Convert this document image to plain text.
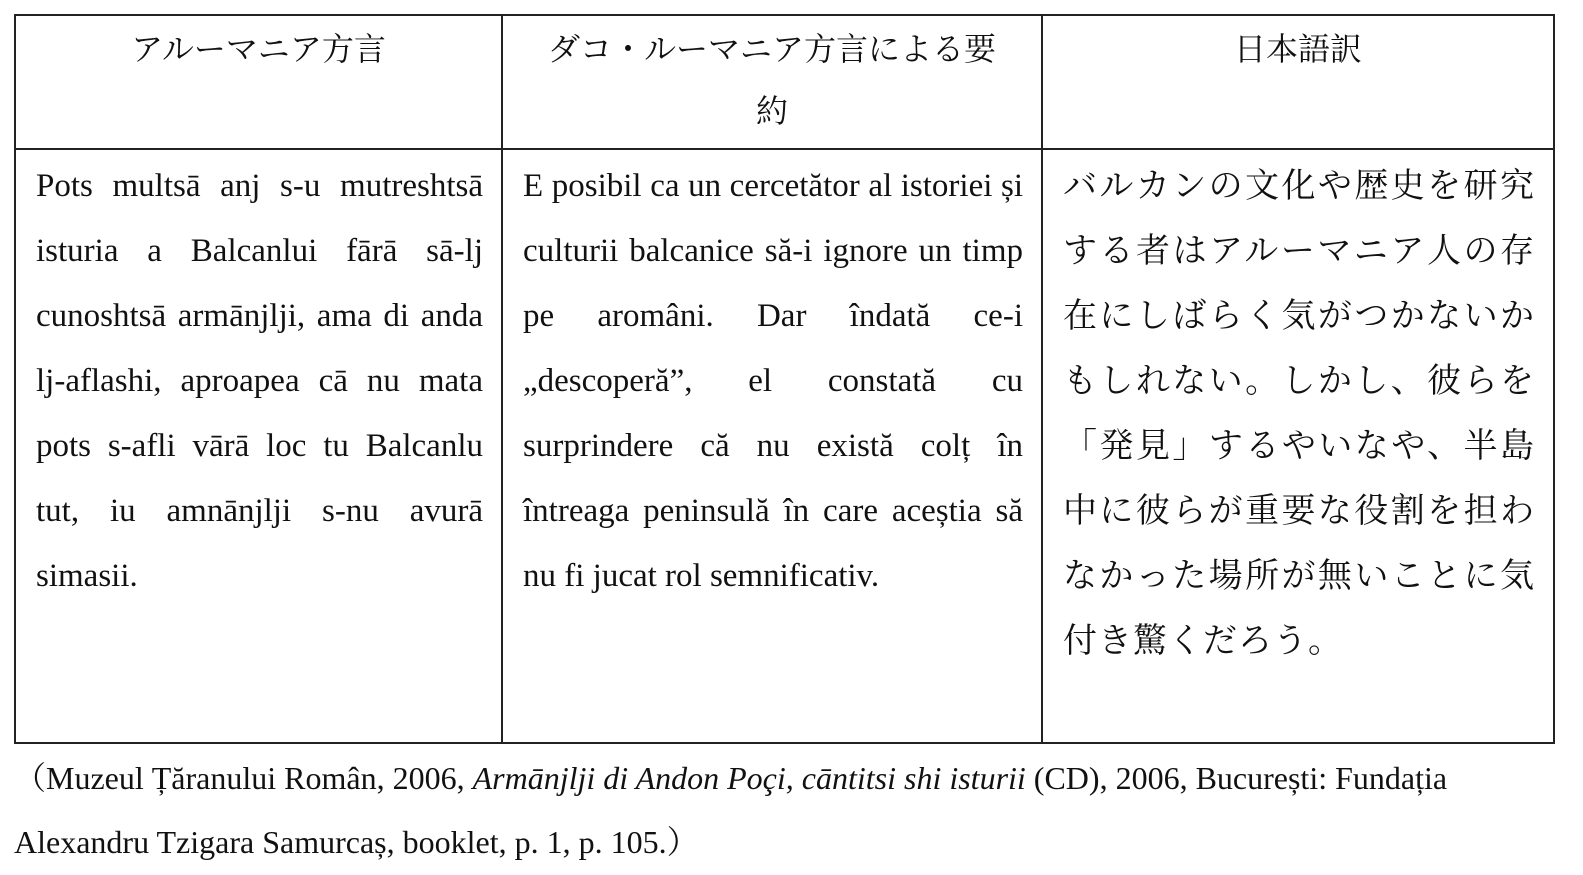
アルーマニア方言	ダコ・ルーマニア方言による要約	日本語訳

Pots multsā anj s-u mutreshtsā isturia a Balcanlui fārā sā-lj cunoshtsā armānjlji, ama di anda lj-aflashi, aproapea cā nu mata pots s-afli vārā loc tu Balcanlu tut, iu amnānjlji s-nu avurā simasii.	E posibil ca un cercetător al istoriei și culturii balcanice să-i ignore un timp pe aromâni. Dar îndată ce-i „descoperă”, el constată cu surprindere că nu există colț în întreaga peninsulă în care aceștia să nu fi jucat rol semnificativ.	バルカンの文化や歴史を研究する者はアルーマニア人の存在にしばらく気がつかないかもしれない。しかし、彼らを「発見」するやいなや、半島中に彼らが重要な役割を担わなかった場所が無いことに気付き驚くだろう。
（Muzeul Țăranului Român, 2006, Armānjlji di Andon Poçi, cāntitsi shi isturii (CD), 2006, București: Fundația Alexandru Tzigara Samurcaș, booklet, p. 1, p. 105.）
